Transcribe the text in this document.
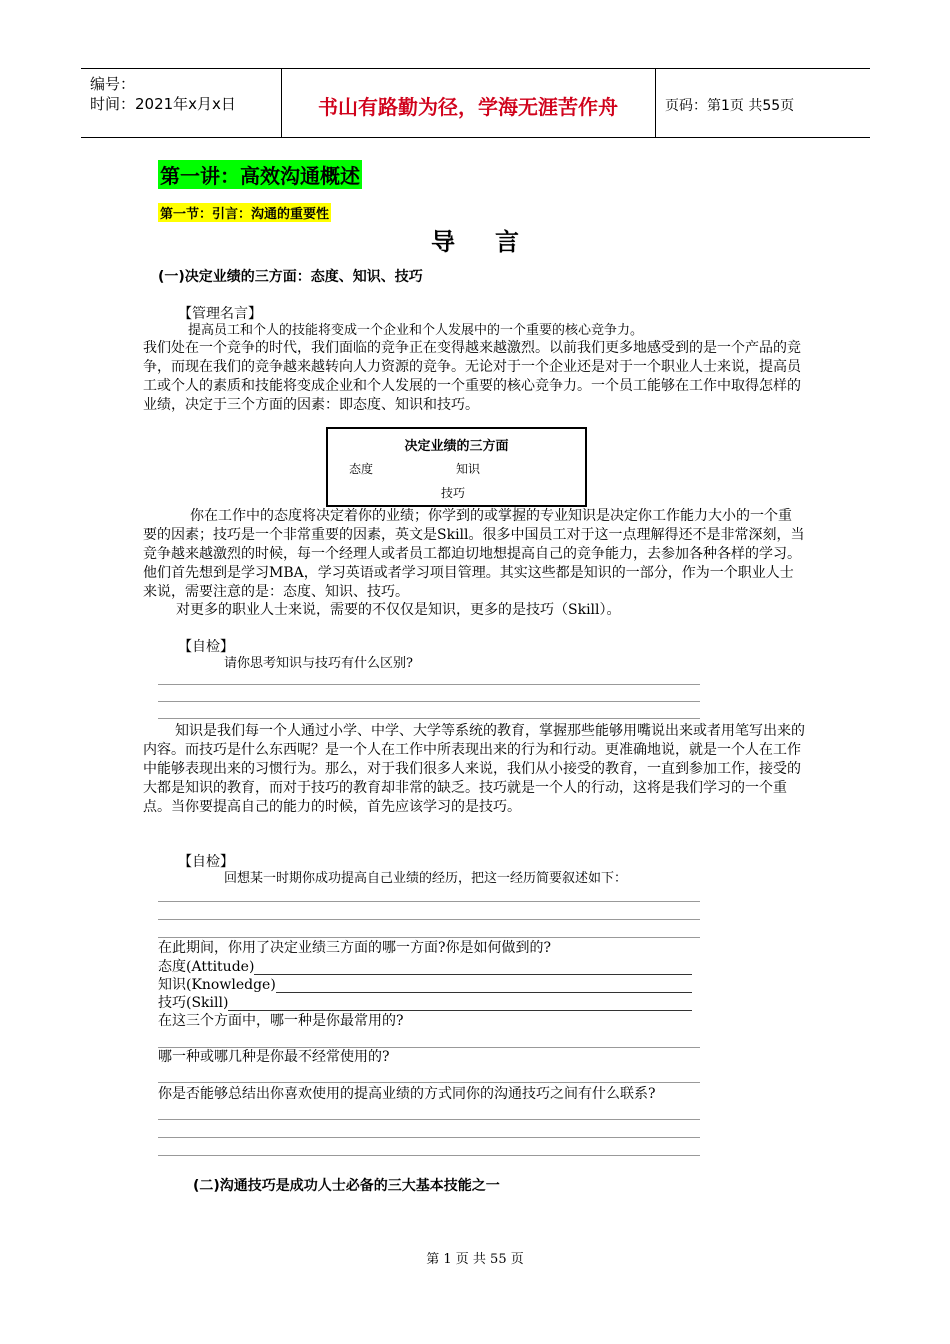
编号：
时间：2021年x月x日	书山有路勤为径，学海无涯苦作舟	页码：第1页 共55页
第一讲：高效沟通概述
第一节：引言：沟通的重要性
导言
(一)决定业绩的三方面：态度、知识、技巧
【管理名言】
提高员工和个人的技能将变成一个企业和个人发展中的一个重要的核心竞争力。
我们处在一个竞争的时代，我们面临的竞争正在变得越来越激烈。以前我们更多地感受到的是一个产品的竞争，而现在我们的竞争越来越转向人力资源的竞争。无论对于一个企业还是对于一个职业人士来说，提高员工或个人的素质和技能将变成企业和个人发展的一个重要的核心竞争力。一个员工能够在工作中取得怎样的业绩，决定于三个方面的因素：即态度、知识和技巧。
决定业绩的三方面
态度	知识
技巧
你在工作中的态度将决定着你的业绩；你学到的或掌握的专业知识是决定你工作能力大小的一个重要的因素；技巧是一个非常重要的因素，英文是Skill。很多中国员工对于这一点理解得还不是非常深刻，当竞争越来越激烈的时候，每一个经理人或者员工都迫切地想提高自己的竞争能力，去参加各种各样的学习。他们首先想到是学习MBA，学习英语或者学习项目管理。其实这些都是知识的一部分，作为一个职业人士来说，需要注意的是：态度、知识、技巧。
对更多的职业人士来说，需要的不仅仅是知识，更多的是技巧（Skill）。
【自检】
请你思考知识与技巧有什么区别?
知识是我们每一个人通过小学、中学、大学等系统的教育，掌握那些能够用嘴说出来或者用笔写出来的内容。而技巧是什么东西呢？是一个人在工作中所表现出来的行为和行动。更准确地说，就是一个人在工作中能够表现出来的习惯行为。那么，对于我们很多人来说，我们从小接受的教育，一直到参加工作，接受的大都是知识的教育，而对于技巧的教育却非常的缺乏。技巧就是一个人的行动，这将是我们学习的一个重点。当你要提高自己的能力的时候，首先应该学习的是技巧。
【自检】
回想某一时期你成功提高自己业绩的经历，把这一经历简要叙述如下：
在此期间，你用了决定业绩三方面的哪一方面?你是如何做到的?
态度(Attitude)
知识(Knowledge)
技巧(Skill)
在这三个方面中，哪一种是你最常用的?
哪一种或哪几种是你最不经常使用的?
你是否能够总结出你喜欢使用的提高业绩的方式同你的沟通技巧之间有什么联系?
(二)沟通技巧是成功人士必备的三大基本技能之一
第 1 页 共 55 页
